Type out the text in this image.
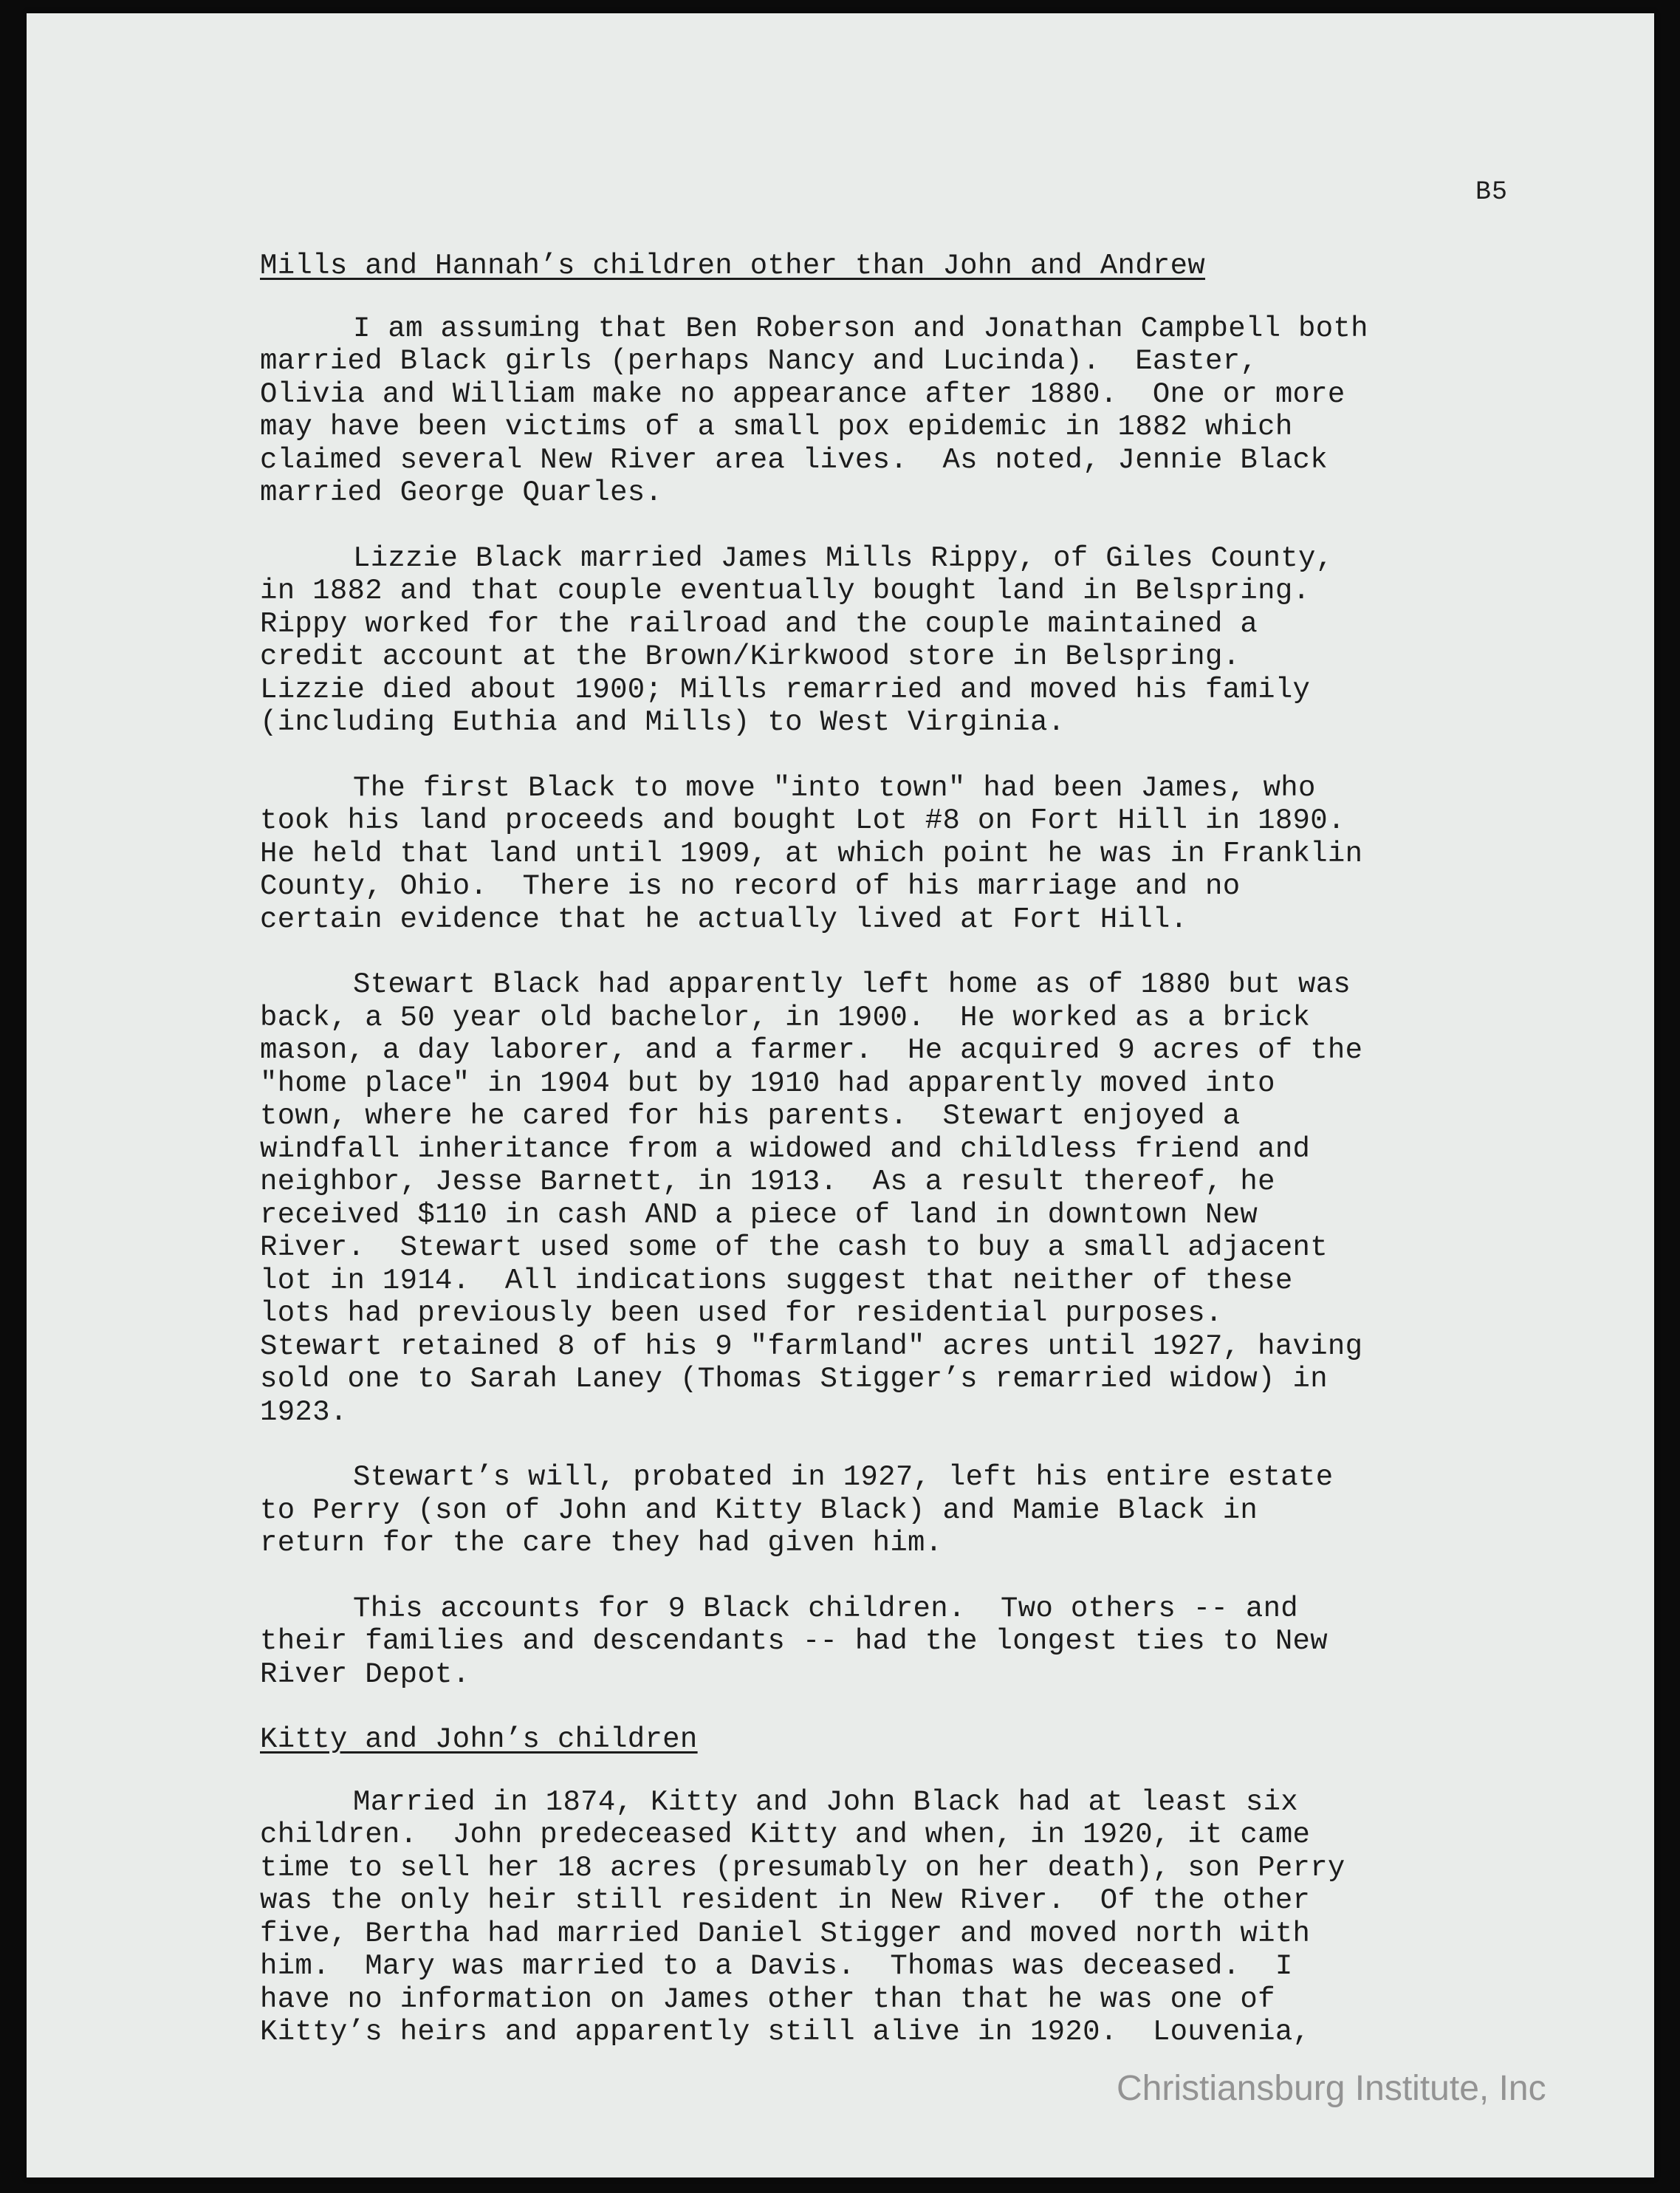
B5
Mills and Hannah’s children other than John and Andrew
I am assuming that Ben Roberson and Jonathan Campbell both
married Black girls (perhaps Nancy and Lucinda).  Easter,
Olivia and William make no appearance after 1880.  One or more
may have been victims of a small pox epidemic in 1882 which
claimed several New River area lives.  As noted, Jennie Black
married George Quarles.
Lizzie Black married James Mills Rippy, of Giles County,
in 1882 and that couple eventually bought land in Belspring.
Rippy worked for the railroad and the couple maintained a
credit account at the Brown/Kirkwood store in Belspring.
Lizzie died about 1900; Mills remarried and moved his family
(including Euthia and Mills) to West Virginia.
The first Black to move "into town" had been James, who
took his land proceeds and bought Lot #8 on Fort Hill in 1890.
He held that land until 1909, at which point he was in Franklin
County, Ohio.  There is no record of his marriage and no
certain evidence that he actually lived at Fort Hill.
Stewart Black had apparently left home as of 1880 but was
back, a 50 year old bachelor, in 1900.  He worked as a brick
mason, a day laborer, and a farmer.  He acquired 9 acres of the
"home place" in 1904 but by 1910 had apparently moved into
town, where he cared for his parents.  Stewart enjoyed a
windfall inheritance from a widowed and childless friend and
neighbor, Jesse Barnett, in 1913.  As a result thereof, he
received $110 in cash AND a piece of land in downtown New
River.  Stewart used some of the cash to buy a small adjacent
lot in 1914.  All indications suggest that neither of these
lots had previously been used for residential purposes.
Stewart retained 8 of his 9 "farmland" acres until 1927, having
sold one to Sarah Laney (Thomas Stigger’s remarried widow) in
1923.
Stewart’s will, probated in 1927, left his entire estate
to Perry (son of John and Kitty Black) and Mamie Black in
return for the care they had given him.
This accounts for 9 Black children.  Two others -- and
their families and descendants -- had the longest ties to New
River Depot.
Kitty and John’s children
Married in 1874, Kitty and John Black had at least six
children.  John predeceased Kitty and when, in 1920, it came
time to sell her 18 acres (presumably on her death), son Perry
was the only heir still resident in New River.  Of the other
five, Bertha had married Daniel Stigger and moved north with
him.  Mary was married to a Davis.  Thomas was deceased.  I
have no information on James other than that he was one of
Kitty’s heirs and apparently still alive in 1920.  Louvenia,
Christiansburg Institute, Inc
